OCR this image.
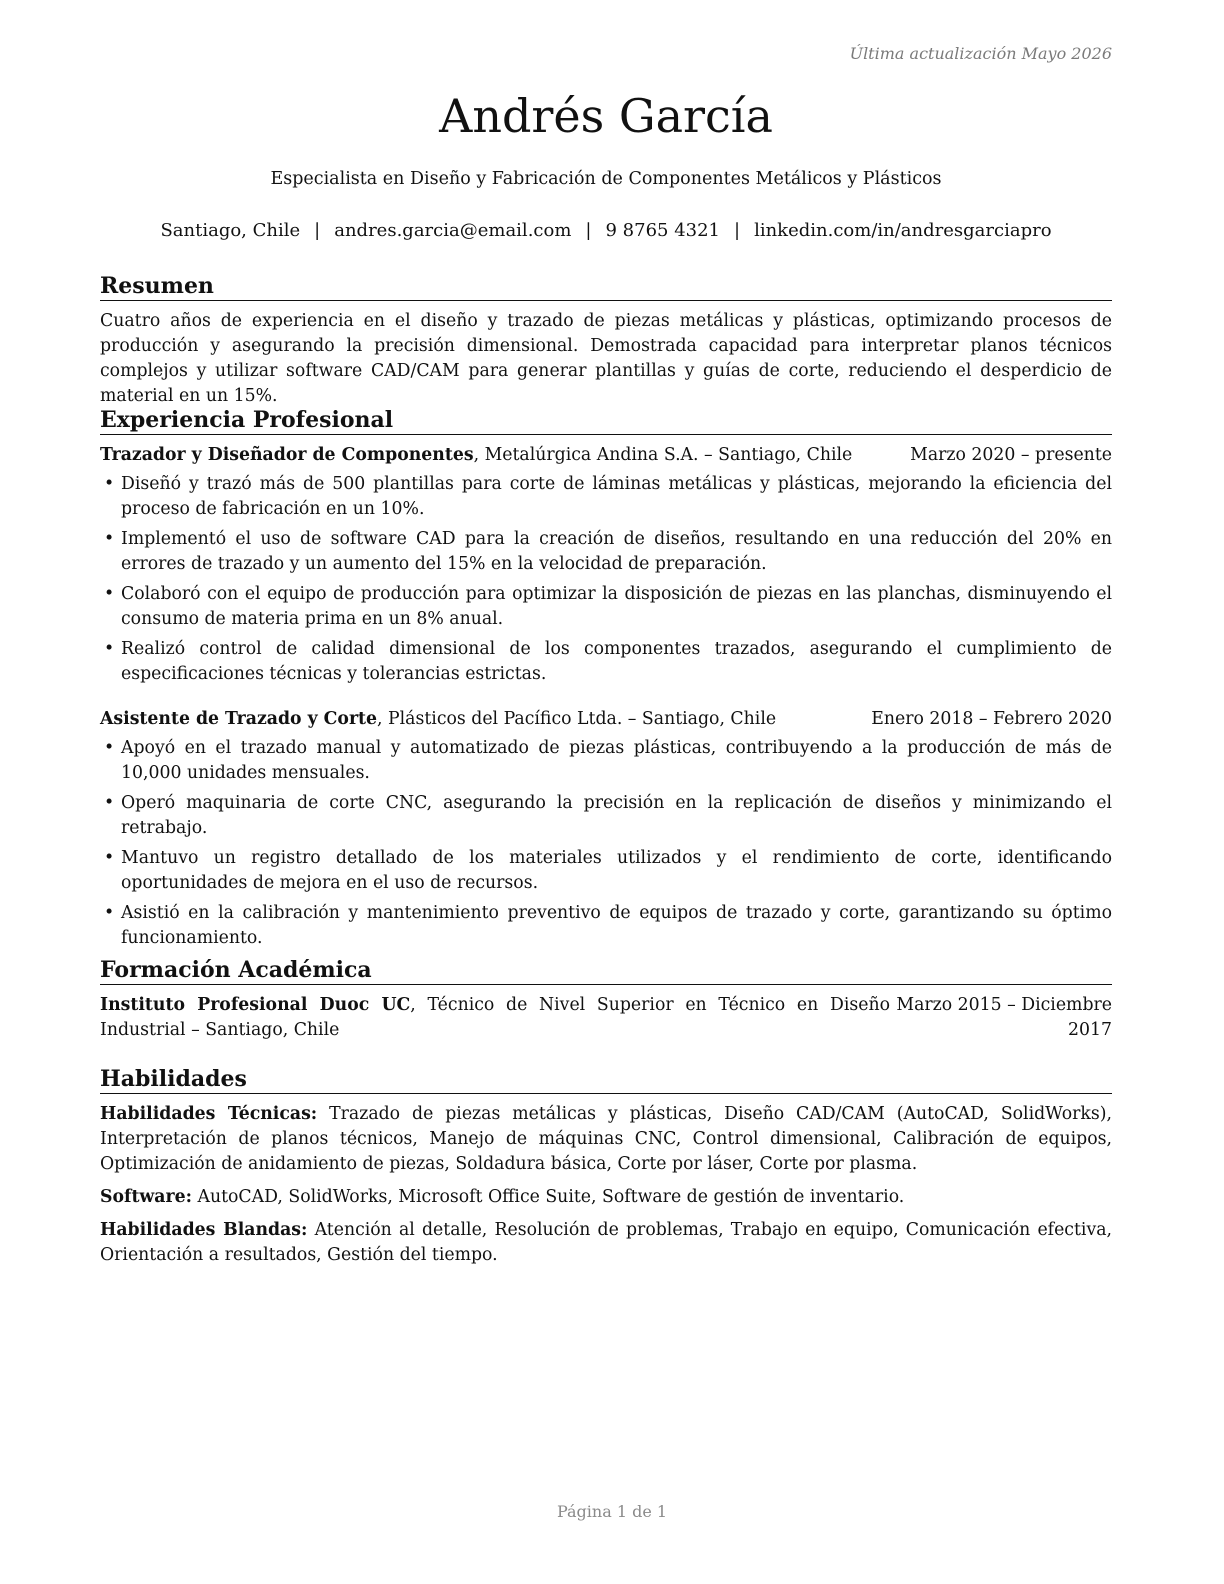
Última actualización Mayo 2026
Andrés García
Especialista en Diseño y Fabricación de Componentes Metálicos y Plásticos
Santiago, Chile | andres.garcia@email.com | 9 8765 4321 | linkedin.com/in/andresgarciapro
Resumen

Cuatro años de experiencia en el diseño y trazado de piezas metálicas y plásticas, optimizando procesos de producción y asegurando la precisión dimensional. Demostrada capacidad para interpretar planos técnicos complejos y utilizar software CAD/CAM para generar plantillas y guías de corte, reduciendo el desperdicio de material en un 15%.

Experiencia Profesional
Trazador y Diseñador de Componentes, Metalúrgica Andina S.A. – Santiago, Chile	Marzo 2020 – presente
• Diseñó y trazó más de 500 plantillas para corte de láminas metálicas y plásticas, mejorando la eficiencia del proceso de fabricación en un 10%.
• Implementó el uso de software CAD para la creación de diseños, resultando en una reducción del 20% en errores de trazado y un aumento del 15% en la velocidad de preparación.
• Colaboró con el equipo de producción para optimizar la disposición de piezas en las planchas, disminuyendo el consumo de materia prima en un 8% anual.
• Realizó control de calidad dimensional de los componentes trazados, asegurando el cumplimiento de especificaciones técnicas y tolerancias estrictas.
Asistente de Trazado y Corte, Plásticos del Pacífico Ltda. – Santiago, Chile	Enero 2018 – Febrero 2020
• Apoyó en el trazado manual y automatizado de piezas plásticas, contribuyendo a la producción de más de 10,000 unidades mensuales.
• Operó maquinaria de corte CNC, asegurando la precisión en la replicación de diseños y minimizando el retrabajo.
• Mantuvo un registro detallado de los materiales utilizados y el rendimiento de corte, identificando oportunidades de mejora en el uso de recursos.
• Asistió en la calibración y mantenimiento preventivo de equipos de trazado y corte, garantizando su óptimo funcionamiento.
Formación Académica
Instituto Profesional Duoc UC, Técnico de Nivel Superior en Técnico en Diseño Industrial – Santiago, Chile
Marzo 2015 – Diciembre 2017
Habilidades

Habilidades Técnicas: Trazado de piezas metálicas y plásticas, Diseño CAD/CAM (AutoCAD, SolidWorks), Interpretación de planos técnicos, Manejo de máquinas CNC, Control dimensional, Calibración de equipos, Optimización de anidamiento de piezas, Soldadura básica, Corte por láser, Corte por plasma.

Software: AutoCAD, SolidWorks, Microsoft Office Suite, Software de gestión de inventario.

Habilidades Blandas: Atención al detalle, Resolución de problemas, Trabajo en equipo, Comunicación efectiva, Orientación a resultados, Gestión del tiempo.

Página 1 de 1
